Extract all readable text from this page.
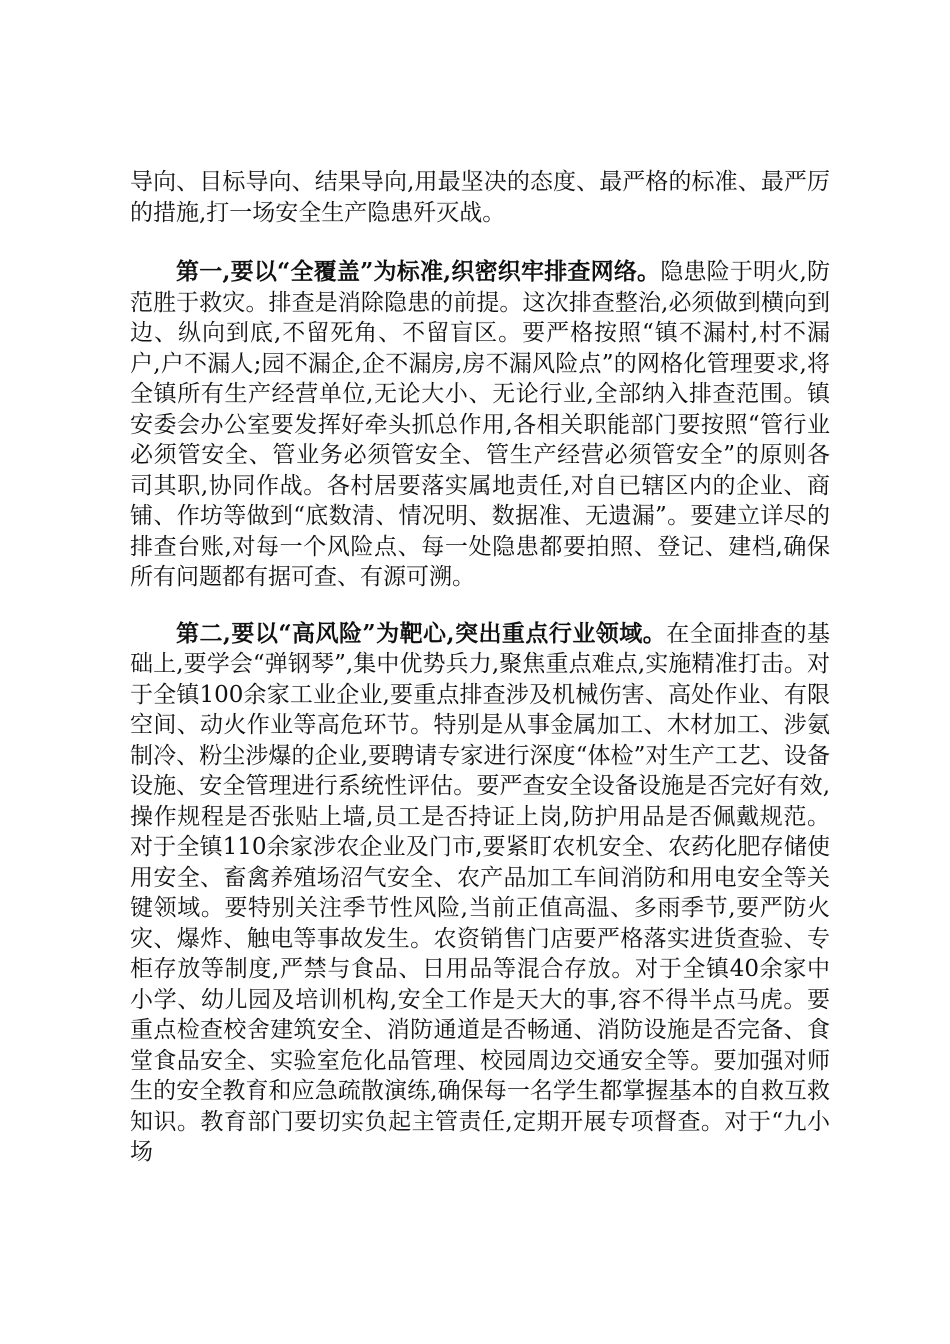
导向、目标导向、结果导向,用最坚决的态度、最严格的标准、最严厉的措施,打一场安全生产隐患歼灭战。

第一,要以“全覆盖”为标准,织密织牢排查网络。隐患险于明火,防范胜于救灾。排查是消除隐患的前提。这次排查整治,必须做到横向到边、纵向到底,不留死角、不留盲区。要严格按照“镇不漏村,村不漏户,户不漏人;园不漏企,企不漏房,房不漏风险点”的网格化管理要求,将全镇所有生产经营单位,无论大小、无论行业,全部纳入排查范围。镇安委会办公室要发挥好牵头抓总作用,各相关职能部门要按照“管行业必须管安全、管业务必须管安全、管生产经营必须管安全”的原则各司其职,协同作战。各村居要落实属地责任,对自已辖区内的企业、商铺、作坊等做到“底数清、情况明、数据准、无遗漏”。要建立详尽的排查台账,对每一个风险点、每一处隐患都要拍照、登记、建档,确保所有问题都有据可查、有源可溯。

第二,要以“高风险”为靶心,突出重点行业领域。在全面排查的基础上,要学会“弹钢琴”,集中优势兵力,聚焦重点难点,实施精准打击。对于全镇100余家工业企业,要重点排查涉及机械伤害、高处作业、有限空间、动火作业等高危环节。特别是从事金属加工、木材加工、涉氨制冷、粉尘涉爆的企业,要聘请专家进行深度“体检”对生产工艺、设备设施、安全管理进行系统性评估。要严查安全设备设施是否完好有效,操作规程是否张贴上墙,员工是否持证上岗,防护用品是否佩戴规范。对于全镇110余家涉农企业及门市,要紧盯农机安全、农药化肥存储使用安全、畜禽养殖场沼气安全、农产品加工车间消防和用电安全等关键领域。要特别关注季节性风险,当前正值高温、多雨季节,要严防火灾、爆炸、触电等事故发生。农资销售门店要严格落实进货查验、专柜存放等制度,严禁与食品、日用品等混合存放。对于全镇40余家中小学、幼儿园及培训机构,安全工作是天大的事,容不得半点马虎。要重点检查校舍建筑安全、消防通道是否畅通、消防设施是否完备、食堂食品安全、实验室危化品管理、校园周边交通安全等。要加强对师生的安全教育和应急疏散演练,确保每一名学生都掌握基本的自救互救知识。教育部门要切实负起主管责任,定期开展专项督查。对于“九小场
